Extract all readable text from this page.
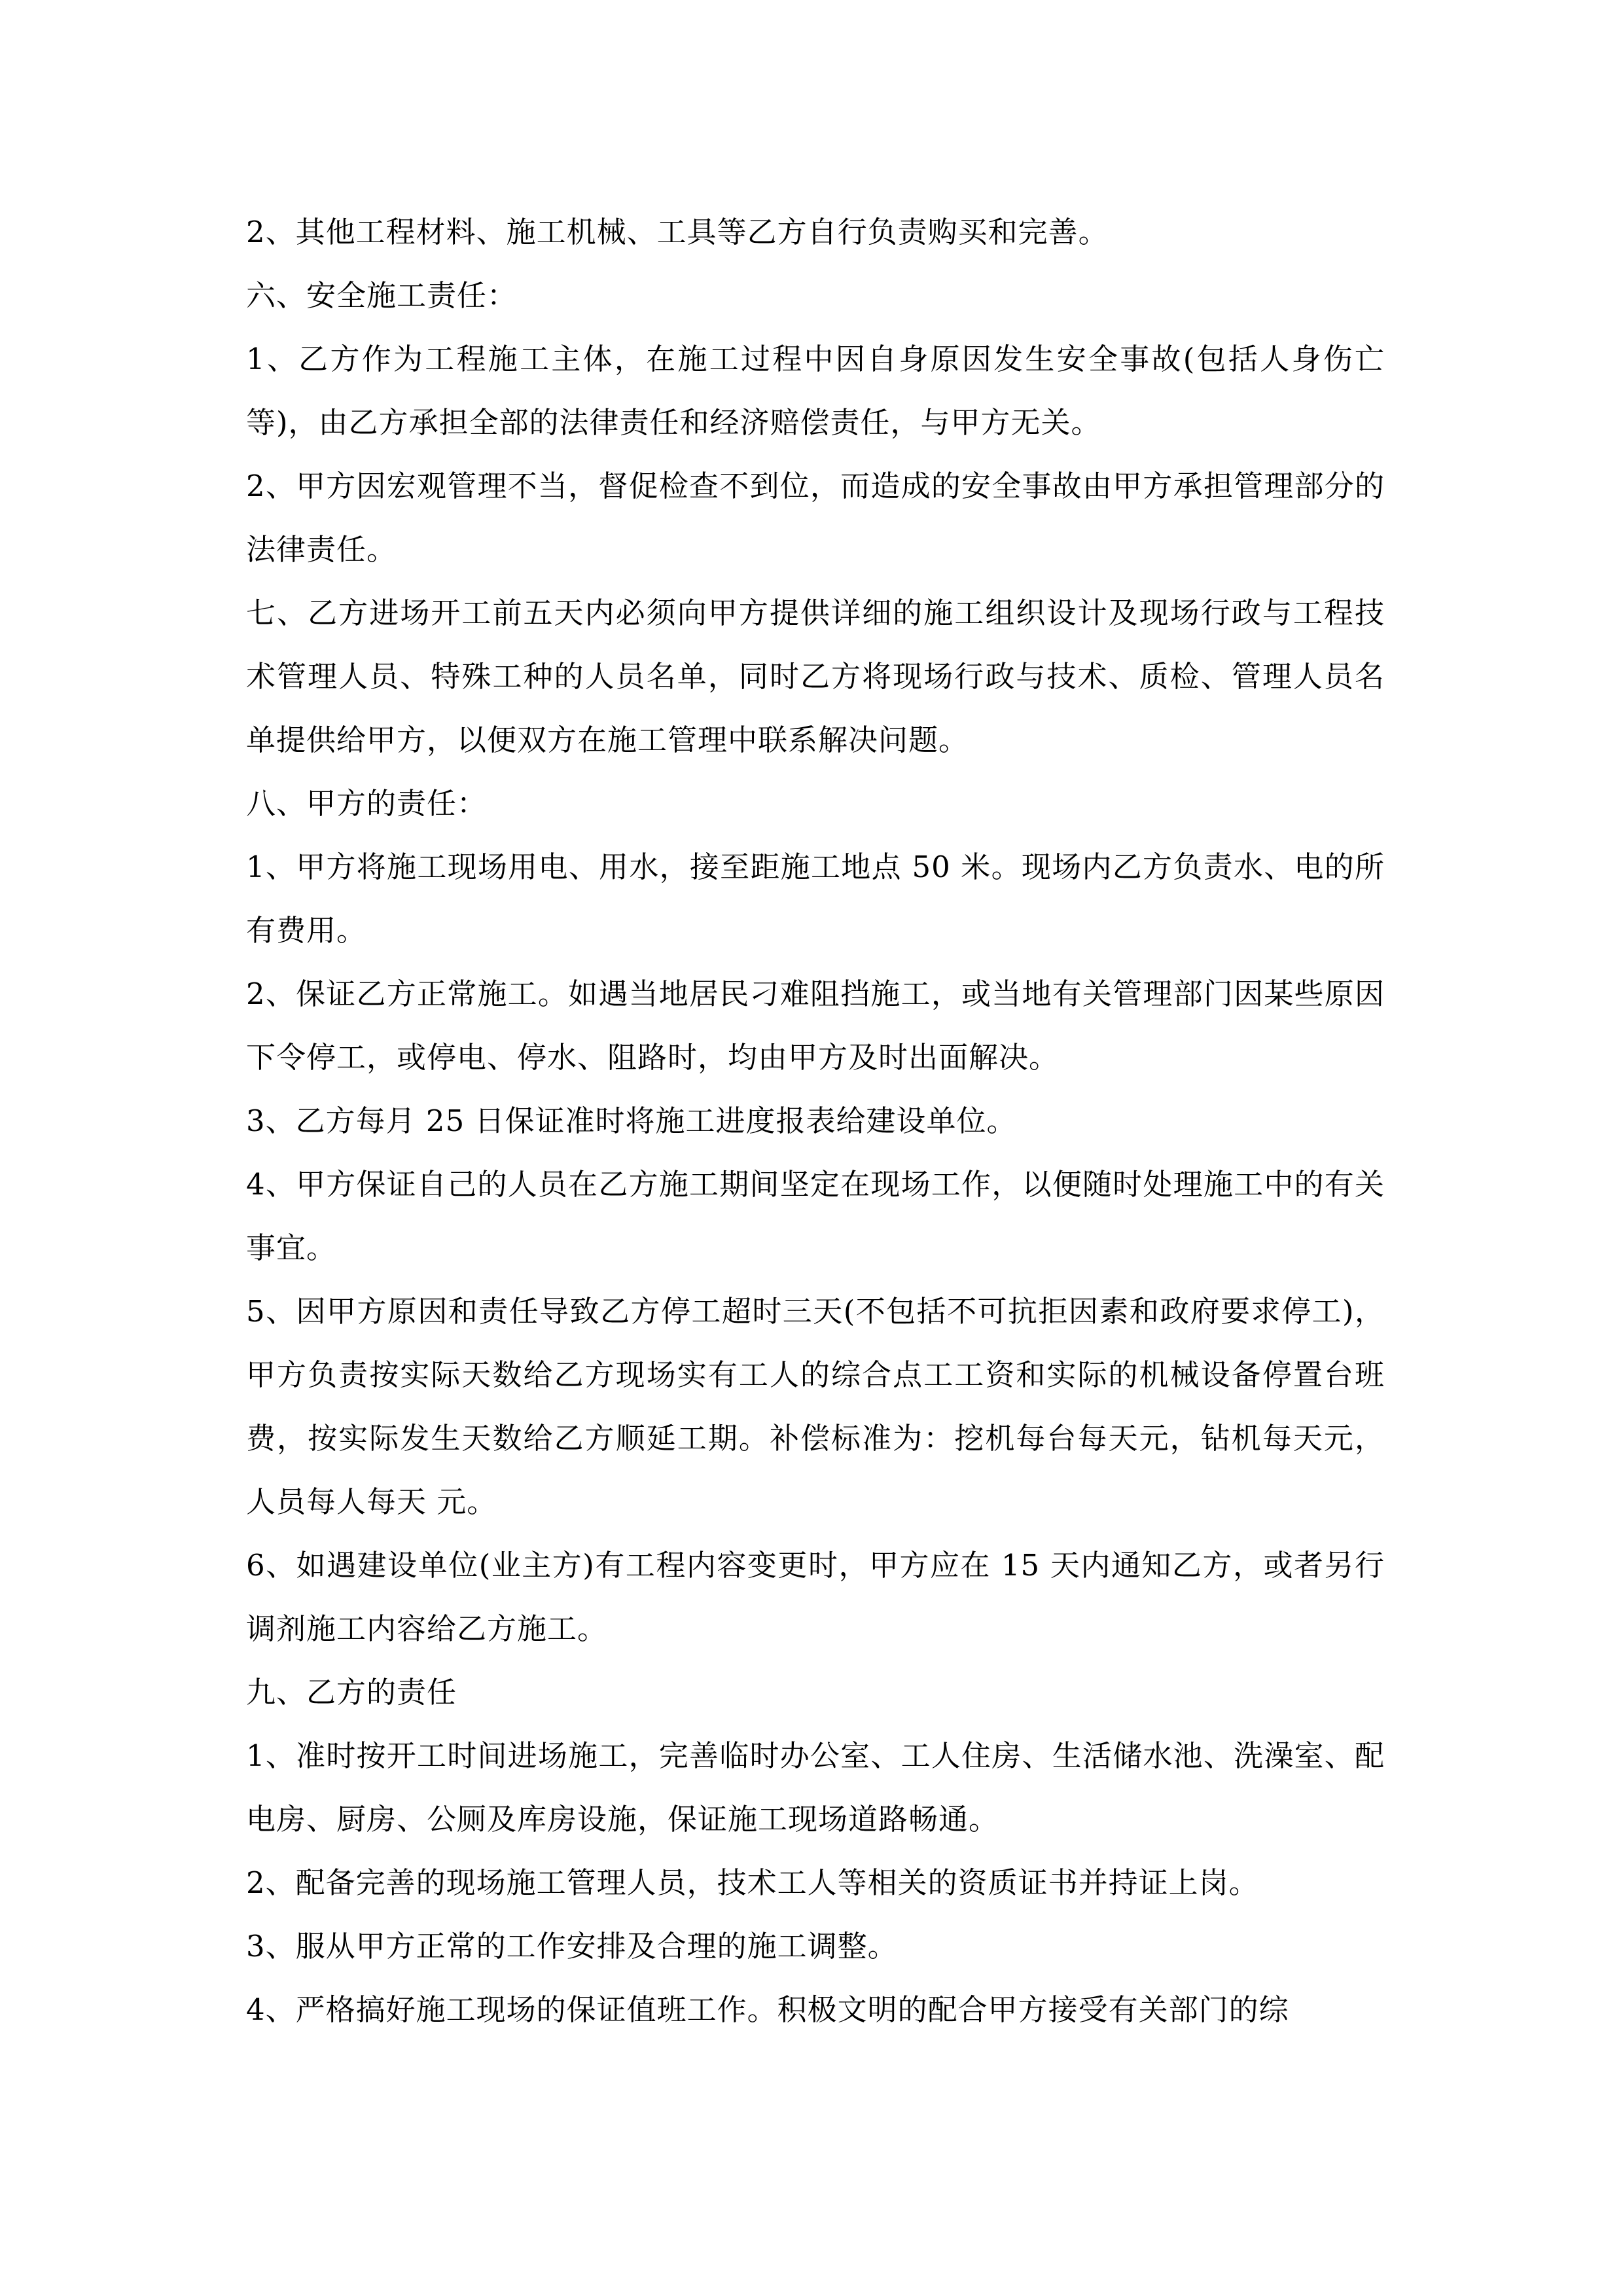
2、其他工程材料、施工机械、工具等乙方自行负责购买和完善。

六、安全施工责任：

1、乙方作为工程施工主体，在施工过程中因自身原因发生安全事故(包括人身伤亡等)，由乙方承担全部的法律责任和经济赔偿责任，与甲方无关。

2、甲方因宏观管理不当，督促检查不到位，而造成的安全事故由甲方承担管理部分的法律责任。

七、乙方进场开工前五天内必须向甲方提供详细的施工组织设计及现场行政与工程技术管理人员、特殊工种的人员名单，同时乙方将现场行政与技术、质检、管理人员名单提供给甲方，以便双方在施工管理中联系解决问题。

八、甲方的责任：

1、甲方将施工现场用电、用水，接至距施工地点 50 米。现场内乙方负责水、电的所有费用。

2、保证乙方正常施工。如遇当地居民刁难阻挡施工，或当地有关管理部门因某些原因下令停工，或停电、停水、阻路时，均由甲方及时出面解决。

3、乙方每月 25 日保证准时将施工进度报表给建设单位。

4、甲方保证自己的人员在乙方施工期间坚定在现场工作，以便随时处理施工中的有关事宜。

5、因甲方原因和责任导致乙方停工超时三天(不包括不可抗拒因素和政府要求停工)，甲方负责按实际天数给乙方现场实有工人的综合点工工资和实际的机械设备停置台班费，按实际发生天数给乙方顺延工期。补偿标准为：挖机每台每天元，钻机每天元，人员每人每天 元。

6、如遇建设单位(业主方)有工程内容变更时，甲方应在 15 天内通知乙方，或者另行调剂施工内容给乙方施工。

九、乙方的责任

1、准时按开工时间进场施工，完善临时办公室、工人住房、生活储水池、洗澡室、配电房、厨房、公厕及库房设施，保证施工现场道路畅通。

2、配备完善的现场施工管理人员，技术工人等相关的资质证书并持证上岗。

3、服从甲方正常的工作安排及合理的施工调整。

4、严格搞好施工现场的保证值班工作。积极文明的配合甲方接受有关部门的综
